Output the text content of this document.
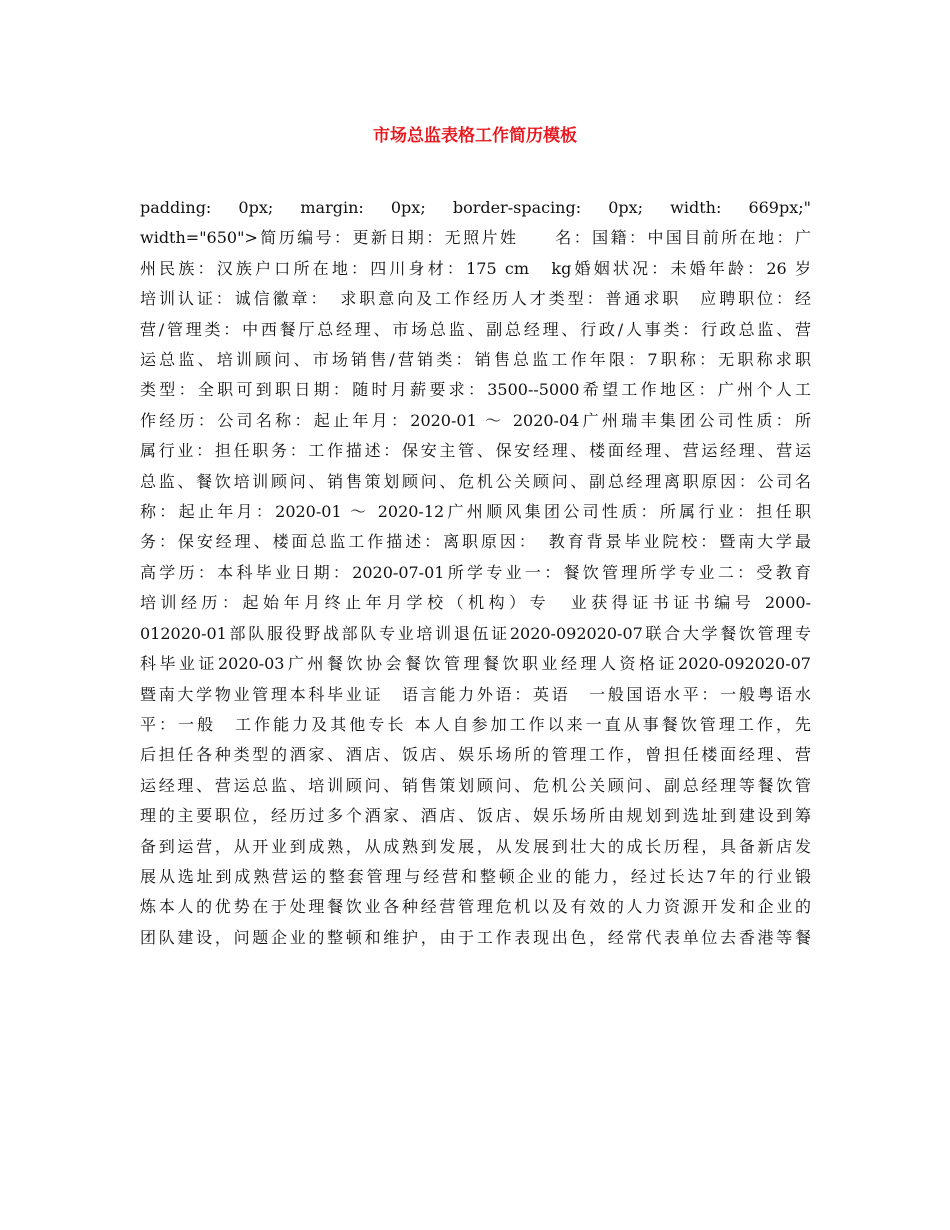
市场总监表格工作简历模板
padding: 0px; margin: 0px; border-spacing: 0px; width: 669px;"
width="650">简历编号：更新日期：无照片姓　　名：国籍：中国目前所在地：广
州民族：汉族户口所在地：四川身材：175 cm　kg婚姻状况：未婚年龄：26 岁
培训认证：诚信徽章：　求职意向及工作经历人才类型：普通求职　应聘职位：经
营/管理类：中西餐厅总经理、市场总监、副总经理、行政/人事类：行政总监、营
运总监、培训顾问、市场销售/营销类：销售总监工作年限：7职称：无职称求职
类型：全职可到职日期：随时月薪要求：3500--5000希望工作地区：广州个人工
作经历：公司名称：起止年月：2020-01 ～ 2020-04广州瑞丰集团公司性质：所
属行业：担任职务：工作描述：保安主管、保安经理、楼面经理、营运经理、营运
总监、餐饮培训顾问、销售策划顾问、危机公关顾问、副总经理离职原因：公司名
称：起止年月：2020-01 ～ 2020-12广州顺风集团公司性质：所属行业：担任职
务：保安经理、楼面总监工作描述：离职原因：　教育背景毕业院校：暨南大学最
高学历：本科毕业日期：2020-07-01所学专业一：餐饮管理所学专业二：受教育
培训经历：起始年月终止年月学校（机构）专　业获得证书证书编号 2000-
012020-01部队服役野战部队专业培训退伍证2020-092020-07联合大学餐饮管理专
科毕业证2020-03广州餐饮协会餐饮管理餐饮职业经理人资格证2020-092020-07
暨南大学物业管理本科毕业证　语言能力外语：英语　一般国语水平：一般粤语水
平：一般　工作能力及其他专长 本人自参加工作以来一直从事餐饮管理工作，先
后担任各种类型的酒家、酒店、饭店、娱乐场所的管理工作，曾担任楼面经理、营
运经理、营运总监、培训顾问、销售策划顾问、危机公关顾问、副总经理等餐饮管
理的主要职位，经历过多个酒家、酒店、饭店、娱乐场所由规划到选址到建设到筹
备到运营，从开业到成熟，从成熟到发展，从发展到壮大的成长历程，具备新店发
展从选址到成熟营运的整套管理与经营和整顿企业的能力，经过长达7年的行业锻
炼本人的优势在于处理餐饮业各种经营管理危机以及有效的人力资源开发和企业的
团队建设，问题企业的整顿和维护，由于工作表现出色，经常代表单位去香港等餐
